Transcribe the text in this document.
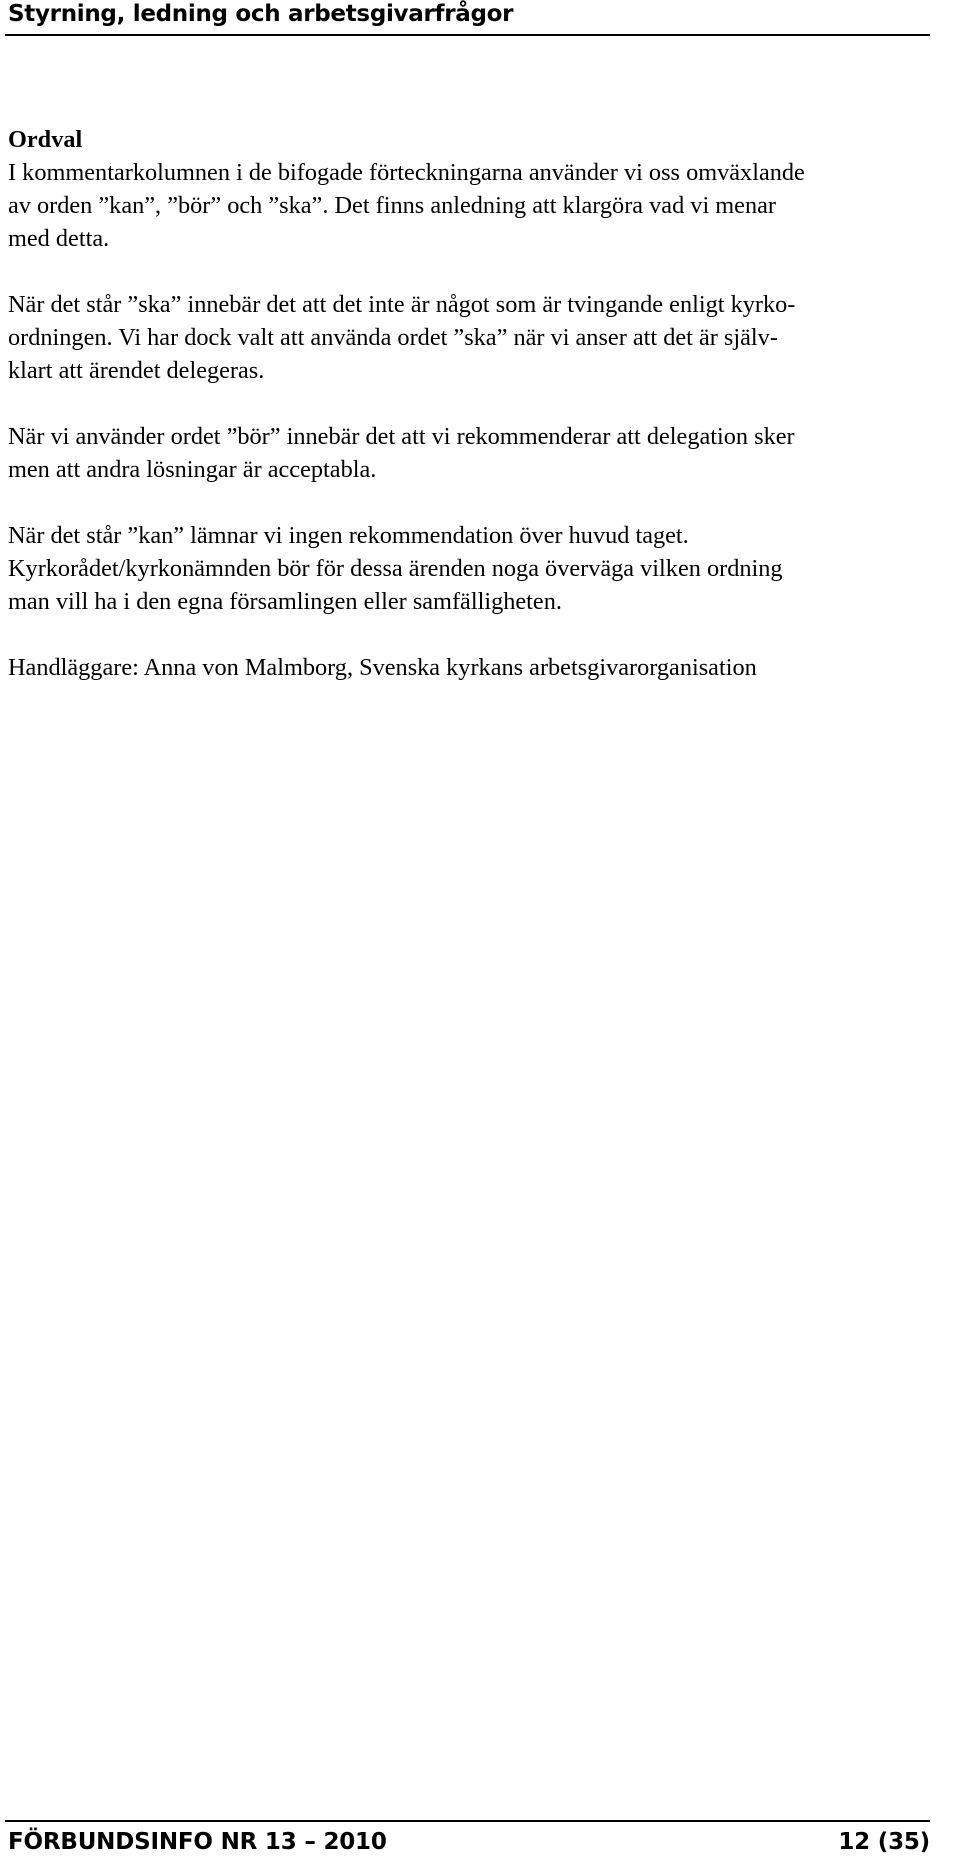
Styrning, ledning och arbetsgivarfrågor
Ordval
I kommentarkolumnen i de bifogade förteckningarna använder vi oss omväxlande
av orden ”kan”, ”bör” och ”ska”. Det finns anledning att klargöra vad vi menar
med detta.
När det står ”ska” innebär det att det inte är något som är tvingande enligt kyrko-
ordningen. Vi har dock valt att använda ordet ”ska” när vi anser att det är själv-
klart att ärendet delegeras.
När vi använder ordet ”bör” innebär det att vi rekommenderar att delegation sker
men att andra lösningar är acceptabla.
När det står ”kan” lämnar vi ingen rekommendation över huvud taget.
Kyrkorådet/kyrkonämnden bör för dessa ärenden noga överväga vilken ordning
man vill ha i den egna församlingen eller samfälligheten.
Handläggare: Anna von Malmborg, Svenska kyrkans arbetsgivarorganisation
FÖRBUNDSINFO NR 13 – 2010	12 (35)
